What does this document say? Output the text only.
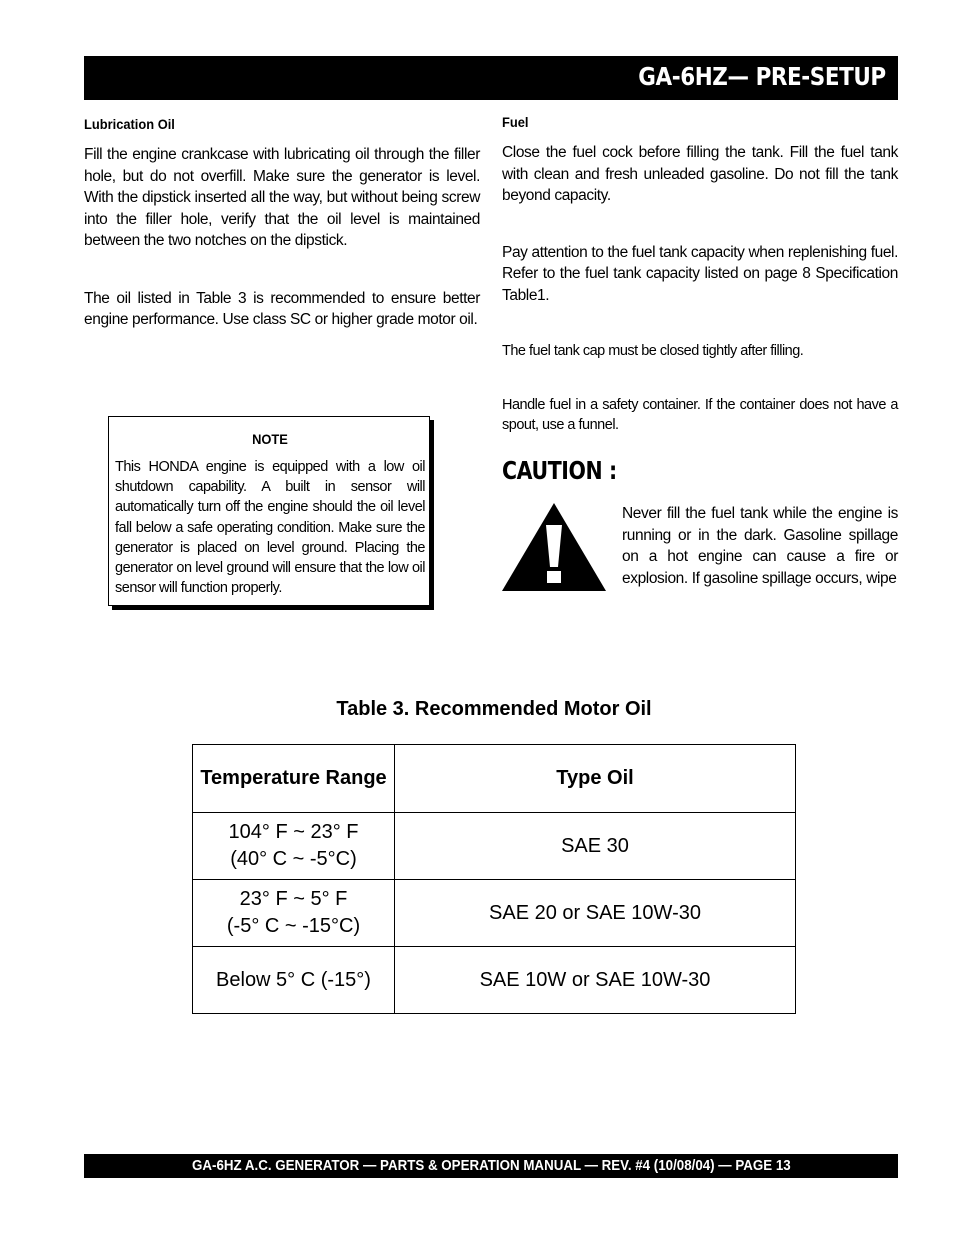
GA-6HZ— PRE-SETUP
Lubrication Oil

Fill the engine crankcase with lubricating oil through the filler hole, but do not overfill. Make sure the generator is level. With the dipstick inserted all the way, but without being screw into the filler hole, verify that the oil level is maintained between the two notches on the dipstick.

The oil listed in Table 3 is recommended to ensure better engine performance. Use class SC or higher grade motor oil.

NOTE

This HONDA engine is equipped with a low oil shutdown capability. A built in sensor will automatically turn off the engine should the oil level fall below a safe operating condition. Make sure the generator is placed on level ground. Placing the generator on level ground will ensure that the low oil sensor will function properly.

Fuel

Close the fuel cock before filling the tank. Fill the fuel tank with clean and fresh unleaded gasoline. Do not fill the tank beyond capacity.

Pay attention to the fuel tank capacity when replenishing fuel. Refer to the fuel tank capacity listed on page 8 Specification Table1.

The fuel tank cap must be closed tightly after filling.

Handle fuel in a safety container. If the container does not have a spout, use a funnel.

CAUTION :

Never fill the fuel tank while the engine is running or in the dark. Gasoline spillage on a hot engine can cause a fire or explosion. If gasoline spillage occurs, wipe

Table 3. Recommended Motor Oil
Temperature Range	Type Oil
104° F ~ 23° F
(40° C ~ -5°C)	SAE 30
23° F ~ 5° F
(-5° C ~ -15°C)	SAE 20 or SAE 10W-30
Below 5° C (-15°)	SAE 10W or SAE 10W-30
GA-6HZ A.C. GENERATOR — PARTS & OPERATION MANUAL — REV. #4 (10/08/04) — PAGE 13
